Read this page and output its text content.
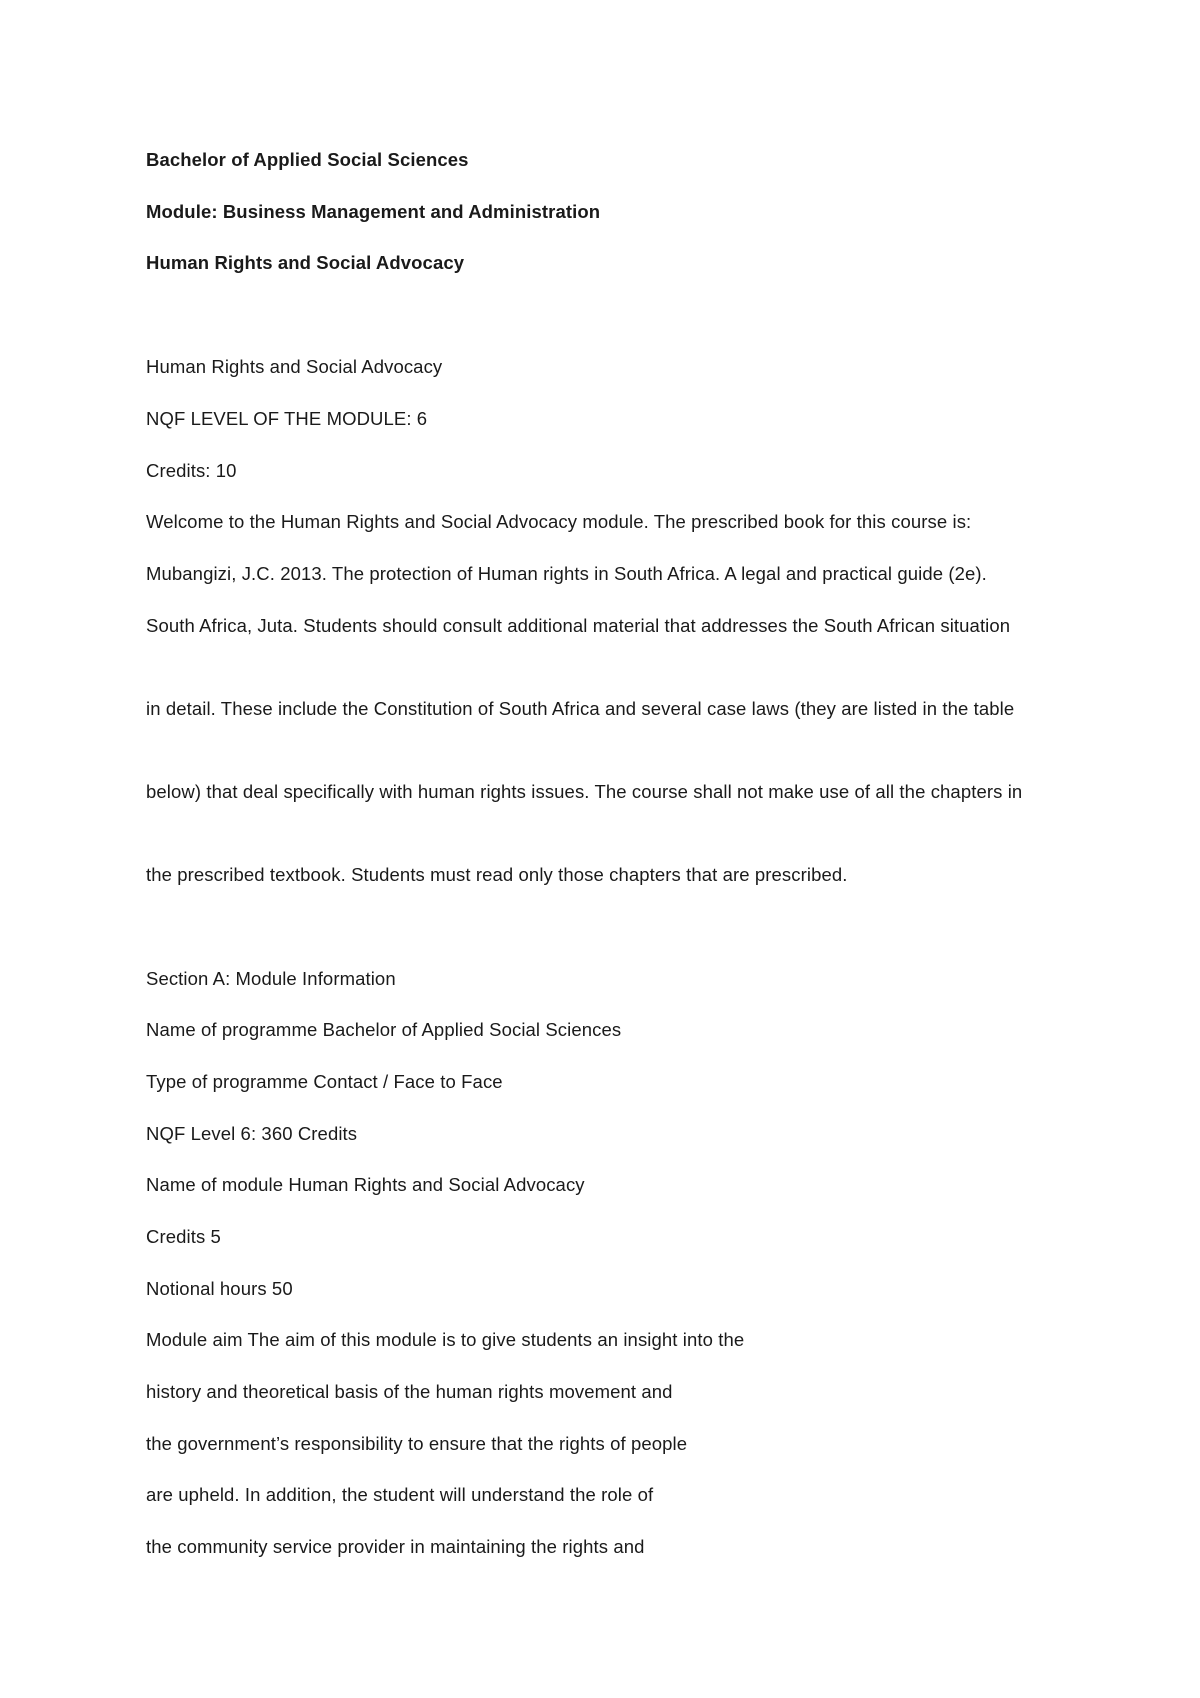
Bachelor of Applied Social Sciences
Module: Business Management and Administration
Human Rights and Social Advocacy
Human Rights and Social Advocacy
NQF LEVEL OF THE MODULE: 6
Credits: 10
Welcome to the Human Rights and Social Advocacy module. The prescribed book for this course is:
Mubangizi, J.C. 2013. The protection of Human rights in South Africa. A legal and practical guide (2e).
South Africa, Juta. Students should consult additional material that addresses the South African situation
in detail. These include the Constitution of South Africa and several case laws (they are listed in the table
below) that deal specifically with human rights issues. The course shall not make use of all the chapters in
the prescribed textbook. Students must read only those chapters that are prescribed.
Section A: Module Information
Name of programme Bachelor of Applied Social Sciences
Type of programme Contact / Face to Face
NQF Level 6: 360 Credits
Name of module Human Rights and Social Advocacy
Credits 5
Notional hours 50
Module aim The aim of this module is to give students an insight into the
history and theoretical basis of the human rights movement and
the government’s responsibility to ensure that the rights of people
are upheld. In addition, the student will understand the role of
the community service provider in maintaining the rights and
